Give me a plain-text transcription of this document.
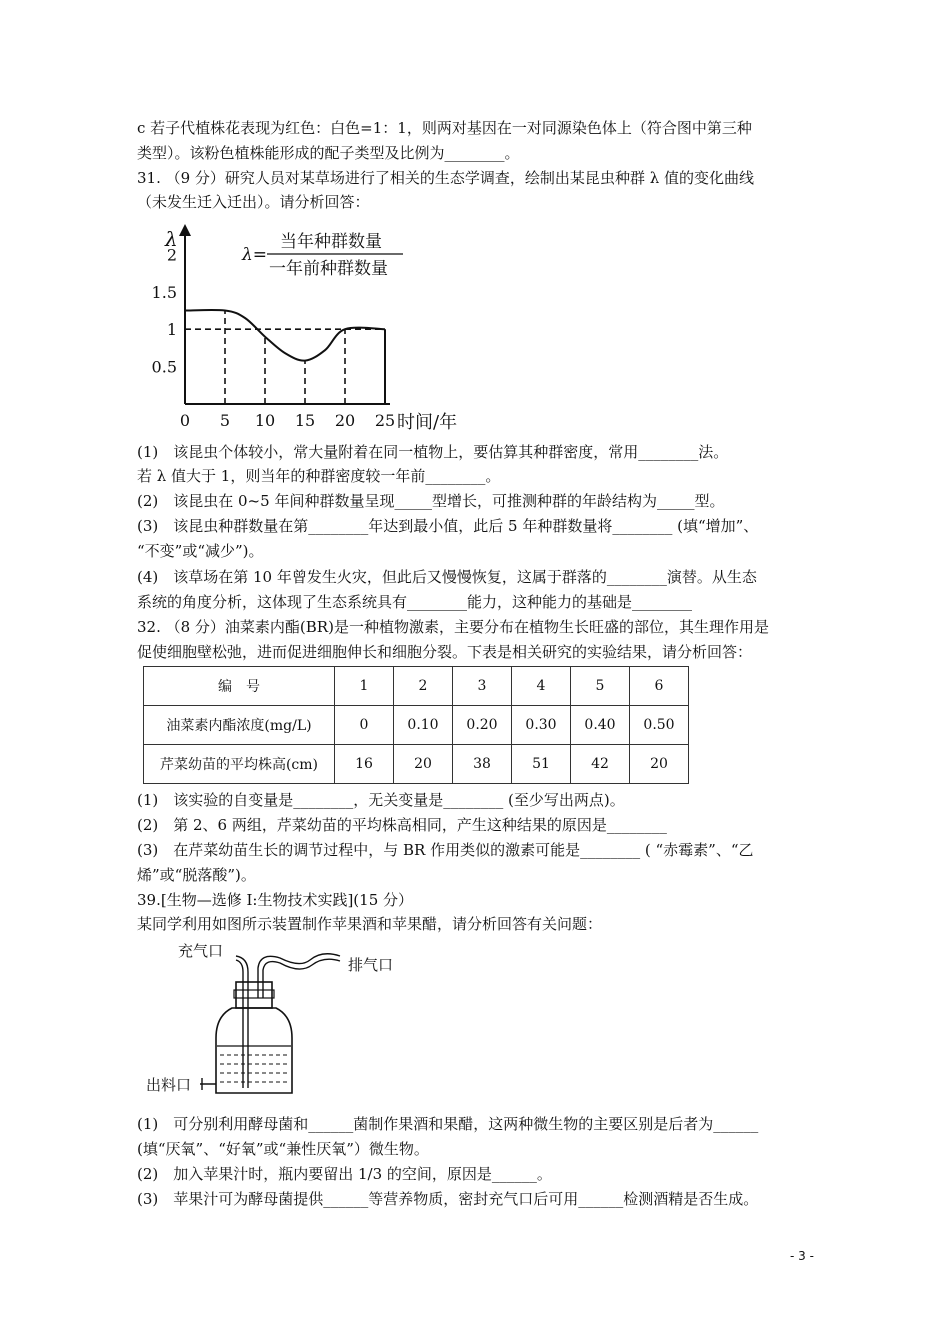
c 若子代植株花表现为红色：白色=1：1，则两对基因在一对同源染色体上（符合图中第三种
类型）。该粉色植株能形成的配子类型及比例为________。
31. （9 分）研究人员对某草场进行了相关的生态学调查，绘制出某昆虫种群 λ 值的变化曲线
（未发生迁入迁出）。请分析回答：
λ
时间/年
λ=
当年种群数量
一年前种群数量
0 5 10 15 20 25
0.5
1
1.5
2
(1)　该昆虫个体较小，常大量附着在同一植物上，要估算其种群密度，常用________法。
若 λ 值大于 1，则当年的种群密度较一年前________。
(2)　该昆虫在 0~5 年间种群数量呈现_____型增长，可推测种群的年龄结构为_____型。
(3)　该昆虫种群数量在第________年达到最小值，此后 5 年种群数量将________ (填“增加”、
“不变”或“减少”)。
(4)　该草场在第 10 年曾发生火灾，但此后又慢慢恢复，这属于群落的________演替。从生态
系统的角度分析，这体现了生态系统具有________能力，这种能力的基础是________
32. （8 分）油菜素内酯(BR)是一种植物激素，主要分布在植物生长旺盛的部位，其生理作用是
促使细胞壁松弛，进而促进细胞伸长和细胞分裂。下表是相关研究的实验结果，请分析回答：
编　号	1	2	3	4	5	6
油菜素内酯浓度(mg/L)	0	0.10	0.20	0.30	0.40	0.50
芹菜幼苗的平均株高(cm)	16	20	38	51	42	20
(1)　该实验的自变量是________，无关变量是________ (至少写出两点)。
(2)　第 2、6 两组，芹菜幼苗的平均株高相同，产生这种结果的原因是________
(3)　在芹菜幼苗生长的调节过程中，与 BR 作用类似的激素可能是________ ( “赤霉素”、“乙
烯”或“脱落酸”)。
39.[生物—选修 I:生物技术实践](15 分）
某同学利用如图所示装置制作苹果酒和苹果醋，请分析回答有关问题：
充气口
排气口
出料口
(1)　可分别利用酵母菌和______菌制作果酒和果醋，这两种微生物的主要区别是后者为______
(填“厌氧”、“好氧”或“兼性厌氧”）微生物。
(2)　加入苹果汁时，瓶内要留出 1/3 的空间，原因是______。
(3)　苹果汁可为酵母菌提供______等营养物质，密封充气口后可用______检测酒精是否生成。
- 3 -
